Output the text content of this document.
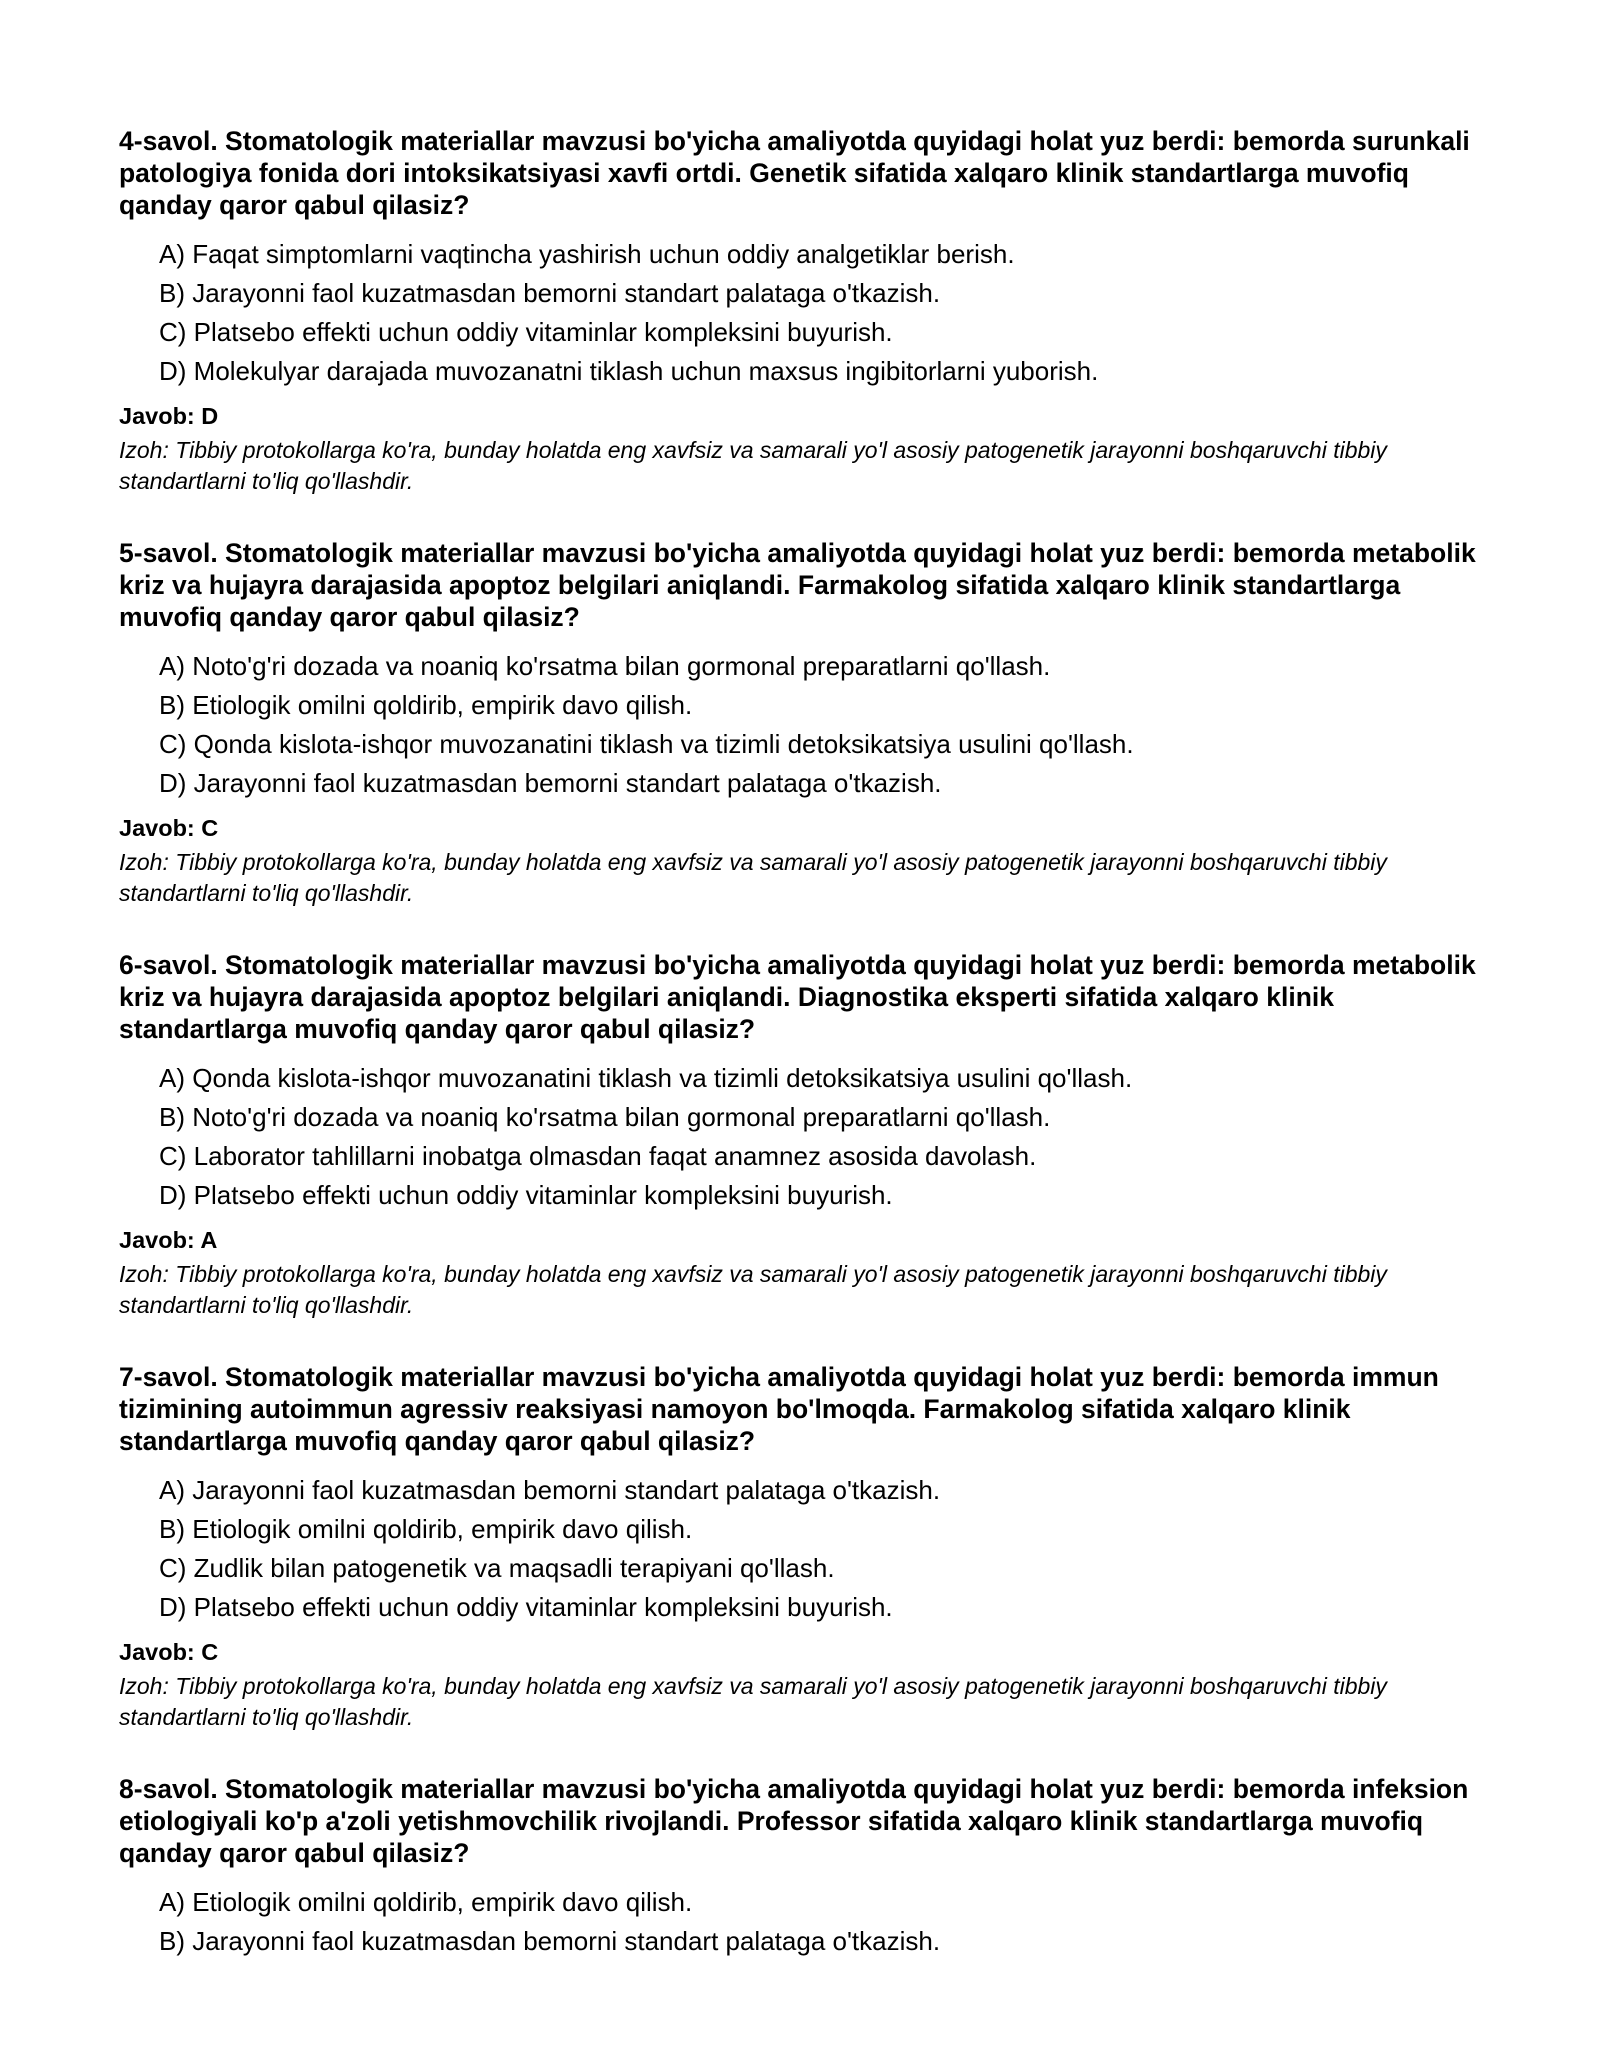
4-savol. Stomatologik materiallar mavzusi bo'yicha amaliyotda quyidagi holat yuz berdi: bemorda surunkali patologiya fonida dori intoksikatsiyasi xavfi ortdi. Genetik sifatida xalqaro klinik standartlarga muvofiq qanday qaror qabul qilasiz?
A) Faqat simptomlarni vaqtincha yashirish uchun oddiy analgetiklar berish.
B) Jarayonni faol kuzatmasdan bemorni standart palataga o'tkazish.
C) Platsebo effekti uchun oddiy vitaminlar kompleksini buyurish.
D) Molekulyar darajada muvozanatni tiklash uchun maxsus ingibitorlarni yuborish.
Javob: D

Izoh: Tibbiy protokollarga ko'ra, bunday holatda eng xavfsiz va samarali yo'l asosiy patogenetik jarayonni boshqaruvchi tibbiy standartlarni to'liq qo'llashdir.

5-savol. Stomatologik materiallar mavzusi bo'yicha amaliyotda quyidagi holat yuz berdi: bemorda metabolik kriz va hujayra darajasida apoptoz belgilari aniqlandi. Farmakolog sifatida xalqaro klinik standartlarga muvofiq qanday qaror qabul qilasiz?
A) Noto'g'ri dozada va noaniq ko'rsatma bilan gormonal preparatlarni qo'llash.
B) Etiologik omilni qoldirib, empirik davo qilish.
C) Qonda kislota-ishqor muvozanatini tiklash va tizimli detoksikatsiya usulini qo'llash.
D) Jarayonni faol kuzatmasdan bemorni standart palataga o'tkazish.
Javob: C

Izoh: Tibbiy protokollarga ko'ra, bunday holatda eng xavfsiz va samarali yo'l asosiy patogenetik jarayonni boshqaruvchi tibbiy standartlarni to'liq qo'llashdir.

6-savol. Stomatologik materiallar mavzusi bo'yicha amaliyotda quyidagi holat yuz berdi: bemorda metabolik kriz va hujayra darajasida apoptoz belgilari aniqlandi. Diagnostika eksperti sifatida xalqaro klinik standartlarga muvofiq qanday qaror qabul qilasiz?
A) Qonda kislota-ishqor muvozanatini tiklash va tizimli detoksikatsiya usulini qo'llash.
B) Noto'g'ri dozada va noaniq ko'rsatma bilan gormonal preparatlarni qo'llash.
C) Laborator tahlillarni inobatga olmasdan faqat anamnez asosida davolash.
D) Platsebo effekti uchun oddiy vitaminlar kompleksini buyurish.
Javob: A

Izoh: Tibbiy protokollarga ko'ra, bunday holatda eng xavfsiz va samarali yo'l asosiy patogenetik jarayonni boshqaruvchi tibbiy standartlarni to'liq qo'llashdir.

7-savol. Stomatologik materiallar mavzusi bo'yicha amaliyotda quyidagi holat yuz berdi: bemorda immun tizimining autoimmun agressiv reaksiyasi namoyon bo'lmoqda. Farmakolog sifatida xalqaro klinik standartlarga muvofiq qanday qaror qabul qilasiz?
A) Jarayonni faol kuzatmasdan bemorni standart palataga o'tkazish.
B) Etiologik omilni qoldirib, empirik davo qilish.
C) Zudlik bilan patogenetik va maqsadli terapiyani qo'llash.
D) Platsebo effekti uchun oddiy vitaminlar kompleksini buyurish.
Javob: C

Izoh: Tibbiy protokollarga ko'ra, bunday holatda eng xavfsiz va samarali yo'l asosiy patogenetik jarayonni boshqaruvchi tibbiy standartlarni to'liq qo'llashdir.

8-savol. Stomatologik materiallar mavzusi bo'yicha amaliyotda quyidagi holat yuz berdi: bemorda infeksion etiologiyali ko'p a'zoli yetishmovchilik rivojlandi. Professor sifatida xalqaro klinik standartlarga muvofiq qanday qaror qabul qilasiz?
A) Etiologik omilni qoldirib, empirik davo qilish.
B) Jarayonni faol kuzatmasdan bemorni standart palataga o'tkazish.
